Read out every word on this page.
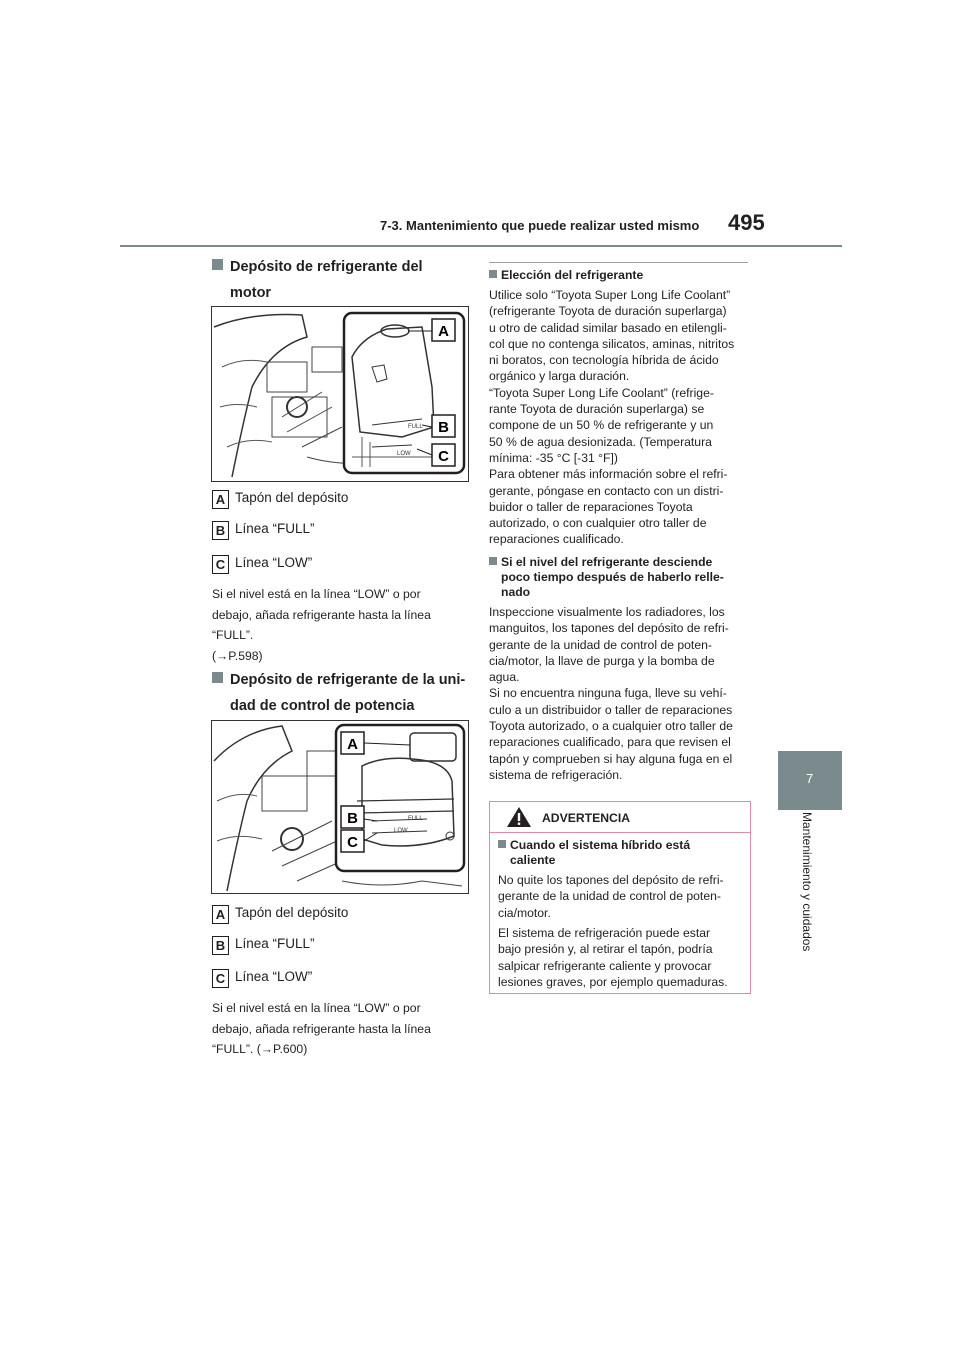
7-3. Mantenimiento que puede realizar usted mismo 495
7
Mantenimiento y cuidados
Depósito de refrigerante del
motor
FULL
LOW
A
B
C
A Tapón del depósito
B Línea “FULL”
C Línea “LOW”
Si el nivel está en la línea “LOW” o por
debajo, añada refrigerante hasta la línea
“FULL”.
(→P.598)
Depósito de refrigerante de la uni-
dad de control de potencia
FULL
LOW
A
B
C
A Tapón del depósito
B Línea “FULL”
C Línea “LOW”
Si el nivel está en la línea “LOW” o por
debajo, añada refrigerante hasta la línea
“FULL”. (→P.600)
Elección del refrigerante
Utilice solo “Toyota Super Long Life Coolant”
(refrigerante Toyota de duración superlarga)
u otro de calidad similar basado en etilengli-
col que no contenga silicatos, aminas, nitritos
ni boratos, con tecnología híbrida de ácido
orgánico y larga duración.
“Toyota Super Long Life Coolant” (refrige-
rante Toyota de duración superlarga) se
compone de un 50 % de refrigerante y un
50 % de agua desionizada. (Temperatura
mínima: -35 °C [-31 °F])
Para obtener más información sobre el refri-
gerante, póngase en contacto con un distri-
buidor o taller de reparaciones Toyota
autorizado, o con cualquier otro taller de
reparaciones cualificado.
Si el nivel del refrigerante desciende
poco tiempo después de haberlo relle-
nado
Inspeccione visualmente los radiadores, los
manguitos, los tapones del depósito de refri-
gerante de la unidad de control de poten-
cia/motor, la llave de purga y la bomba de
agua.
Si no encuentra ninguna fuga, lleve su vehí-
culo a un distribuidor o taller de reparaciones
Toyota autorizado, o a cualquier otro taller de
reparaciones cualificado, para que revisen el
tapón y comprueben si hay alguna fuga en el
sistema de refrigeración.
ADVERTENCIA
Cuando el sistema híbrido está
caliente
No quite los tapones del depósito de refri-
gerante de la unidad de control de poten-
cia/motor.
El sistema de refrigeración puede estar
bajo presión y, al retirar el tapón, podría
salpicar refrigerante caliente y provocar
lesiones graves, por ejemplo quemaduras.
